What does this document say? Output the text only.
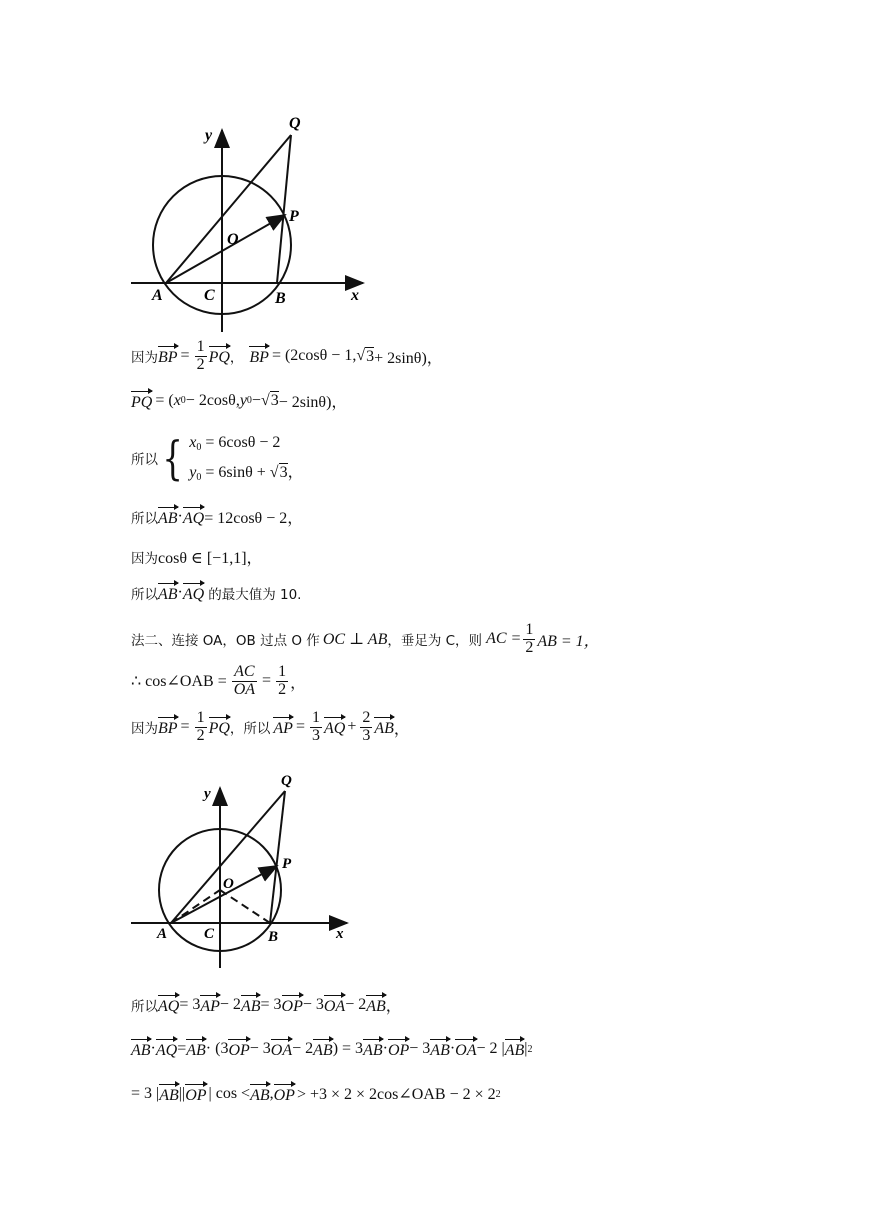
y
x
Q
P
O
A	C	B
因为 BP = $\frac{1}{2}$ PQ ， BP = (2cosθ − 1, √ 3 + 2sinθ)，
PQ = ( x 0 − 2cosθ, y 0 − √ 3 − 2sinθ)，
所以 { $x_0 = 6\cos\theta - 2$
$y_0 = 6\sin\theta + √3$，
所以 AB · AQ = 12cosθ − 2，
因为 cosθ ∈ [−1,1]，
所以 AB · AQ 的最大值为 10.
法二、连接 OA，OB 过点 O 作 OC ⊥ AB ，垂足为 C，则 AC = $\frac{1}{2}$ AB = 1，
∴ cos∠OAB = $\frac{AC}{OA} = \frac{1}{2}$ ，
因为 BP = $\frac{1}{2}$ PQ ，所以 AP = $\frac{1}{3}$ AQ + $\frac{2}{3}$ AB ，
y
x
Q
P
O
A C	B
所以 AQ = 3 AP − 2 AB = 3 OP − 3 OA − 2 AB ，
AB · AQ = AB · (3 OP − 3 OA − 2 AB ) = 3 AB · OP − 3 AB · OA − 2 | AB | 2
= 3 | AB || OP | cos < AB , OP > +3 × 2 × 2cos∠OAB − 2 × 2 2
